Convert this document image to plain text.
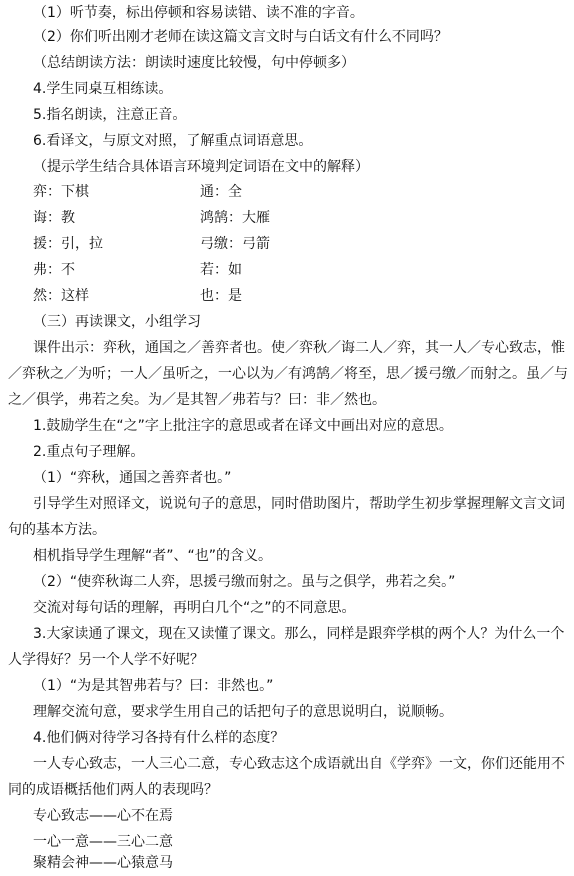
（1）听节奏，标出停顿和容易读错、读不准的字音。
（2）你们听出刚才老师在读这篇文言文时与白话文有什么不同吗？
（总结朗读方法：朗读时速度比较慢，句中停顿多）
4.学生同桌互相练读。
5.指名朗读，注意正音。
6.看译文，与原文对照，了解重点词语意思。
（提示学生结合具体语言环境判定词语在文中的解释）
弈：下棋	通：全
诲：教	鸿鹄：大雁
援：引，拉	弓缴：弓箭
弗：不	若：如
然：这样	也：是
（三）再读课文，小组学习
课件出示：弈秋，通国之／善弈者也。使／弈秋／诲二人／弈，其一人／专心致志，惟
／弈秋之／为听；一人／虽听之，一心以为／有鸿鹄／将至，思／援弓缴／而射之。虽／与
之／俱学，弗若之矣。为／是其智／弗若与？曰：非／然也。
1.鼓励学生在“之”字上批注字的意思或者在译文中画出对应的意思。
2.重点句子理解。
（1）“弈秋，通国之善弈者也。”
引导学生对照译文，说说句子的意思，同时借助图片，帮助学生初步掌握理解文言文词
句的基本方法。
相机指导学生理解“者”、“也”的含义。
（2）“使弈秋诲二人弈，思援弓缴而射之。虽与之俱学，弗若之矣。”
交流对每句话的理解，再明白几个“之”的不同意思。
3.大家读通了课文，现在又读懂了课文。那么，同样是跟弈学棋的两个人？为什么一个
人学得好？另一个人学不好呢？
（1）“为是其智弗若与？曰：非然也。”
理解交流句意，要求学生用自己的话把句子的意思说明白，说顺畅。
4.他们俩对待学习各持有什么样的态度？
一人专心致志，一人三心二意，专心致志这个成语就出自《学弈》一文，你们还能用不
同的成语概括他们两人的表现吗？
专心致志——心不在焉
一心一意——三心二意
聚精会神——心猿意马
